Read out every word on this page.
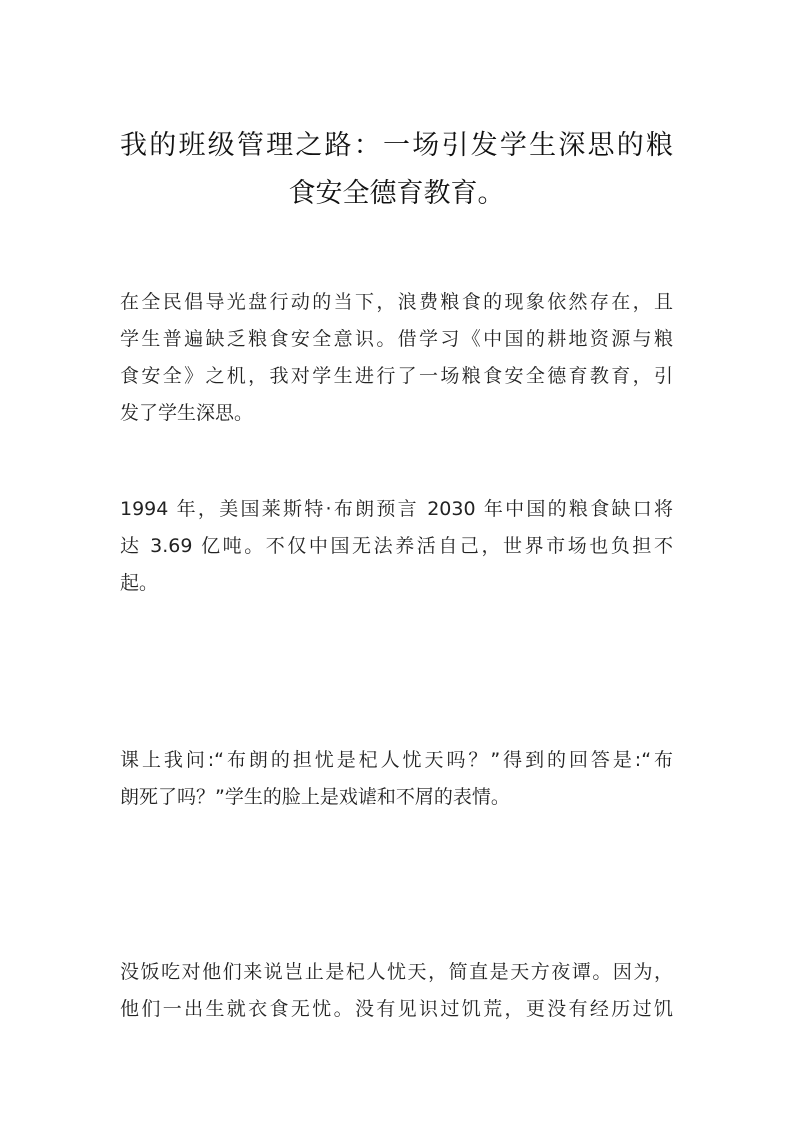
我的班级管理之路：一场引发学生深思的粮
食安全德育教育。
在全民倡导光盘行动的当下，浪费粮食的现象依然存在，且
学生普遍缺乏粮食安全意识。借学习《中国的耕地资源与粮
食安全》之机，我对学生进行了一场粮食安全德育教育，引
发了学生深思。
1994 年，美国莱斯特·布朗预言 2030 年中国的粮食缺口将
达 3.69 亿吨。不仅中国无法养活自己，世界市场也负担不
起。
课上我问:“布朗的担忧是杞人忧天吗？”得到的回答是:“布
朗死了吗？”学生的脸上是戏谑和不屑的表情。
没饭吃对他们来说岂止是杞人忧天，简直是天方夜谭。因为，
他们一出生就衣食无忧。没有见识过饥荒，更没有经历过饥
